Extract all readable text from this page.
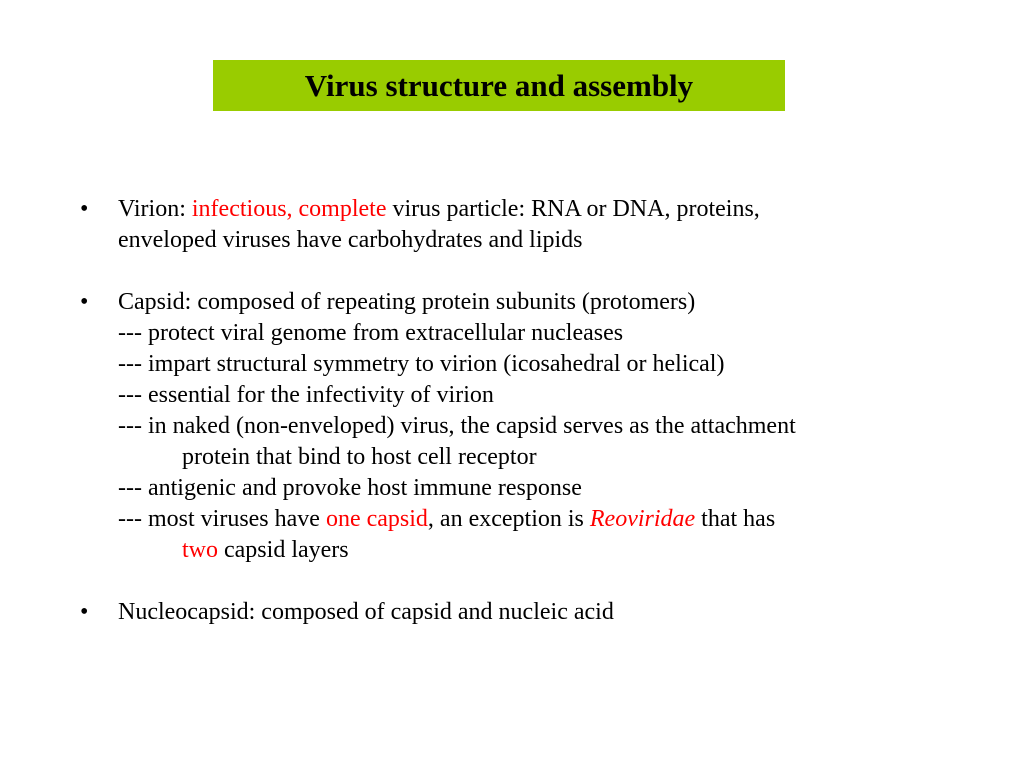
Virus structure and assembly
• Virion: infectious, complete virus particle: RNA or DNA, proteins,
enveloped viruses have carbohydrates and lipids
• Capsid: composed of repeating protein subunits (protomers)
--- protect viral genome from extracellular nucleases
--- impart structural symmetry to virion (icosahedral or helical)
--- essential for the infectivity of virion
--- in naked (non-enveloped) virus, the capsid serves as the attachment
protein that bind to host cell receptor
--- antigenic and provoke host immune response
--- most viruses have one capsid, an exception is Reoviridae that has
two capsid layers
• Nucleocapsid: composed of capsid and nucleic acid
